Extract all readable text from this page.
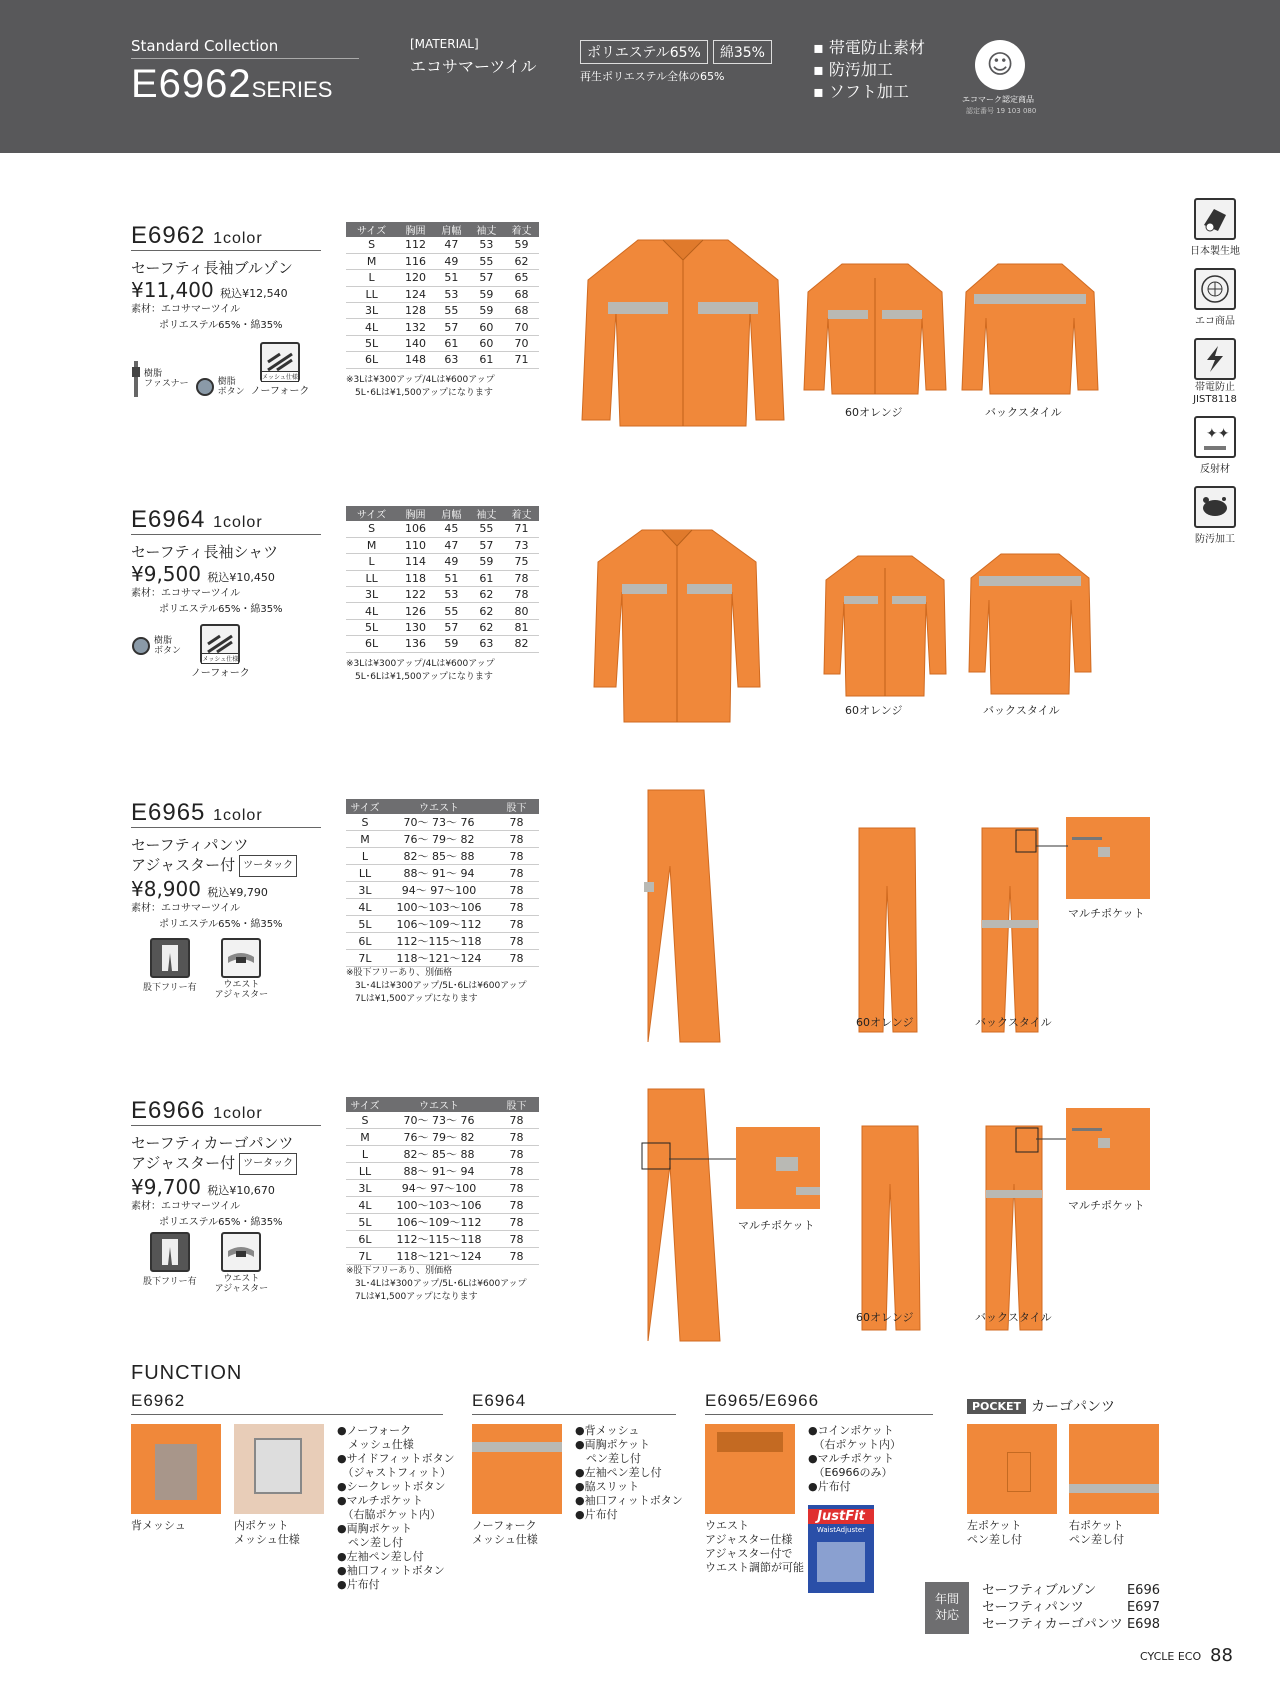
Standard Collection
E6962SERIES
[MATERIAL]
エコサマーツイル
ポリエステル65% 綿35%
再生ポリエステル全体の65%
▪ 帯電防止素材
▪ 防汚加工
▪ ソフト加工
☺
エコマーク認定商品
認定番号 19 103 080
日本製生地
エコ商品
帯電防止
JIST8118
✦✦
反射材
防汚加工
E6962 1color
セーフティ長袖ブルゾン
¥11,400 税込¥12,540
素材：エコサマーツイル
ポリエステル65%・綿35%
樹脂
ファスナー	樹脂
ボタン
メッシュ仕様
ノーフォーク
サイズ	胸囲	肩幅	袖丈	着丈
S	112	47	53	59
M	116	49	55	62
L	120	51	57	65
LL	124	53	59	68
3L	128	55	59	68
4L	132	57	60	70
5L	140	61	60	70
6L	148	63	61	71
※3Lは¥300アップ/4Lは¥600アップ
　5L･6Lは¥1,500アップになります
60オレンジ	バックスタイル
E6964 1color
セーフティ長袖シャツ
¥9,500 税込¥10,450
素材：エコサマーツイル
ポリエステル65%・綿35%
樹脂
ボタン
メッシュ仕様
ノーフォーク
サイズ	胸囲	肩幅	袖丈	着丈
S	106	45	55	71
M	110	47	57	73
L	114	49	59	75
LL	118	51	61	78
3L	122	53	62	78
4L	126	55	62	80
5L	130	57	62	81
6L	136	59	63	82
※3Lは¥300アップ/4Lは¥600アップ
　5L･6Lは¥1,500アップになります
60オレンジ	バックスタイル
E6965 1color
セーフティパンツ
アジャスター付 ツータック
¥8,900 税込¥9,790
素材：エコサマーツイル
ポリエステル65%・綿35%
股下フリー有	ウエスト
アジャスター
サイズ	ウエスト	股下
S	70〜 73〜 76	78
M	76〜 79〜 82	78
L	82〜 85〜 88	78
LL	88〜 91〜 94	78
3L	94〜 97〜100	78
4L	100〜103〜106	78
5L	106〜109〜112	78
6L	112〜115〜118	78
7L	118〜121〜124	78
※股下フリーあり、別価格
　3L･4Lは¥300アップ/5L･6Lは¥600アップ
　7Lは¥1,500アップになります
マルチポケット
60オレンジ	バックスタイル
E6966 1color
セーフティカーゴパンツ
アジャスター付 ツータック
¥9,700 税込¥10,670
素材：エコサマーツイル
ポリエステル65%・綿35%
股下フリー有	ウエスト
アジャスター
サイズ	ウエスト	股下
S	70〜 73〜 76	78
M	76〜 79〜 82	78
L	82〜 85〜 88	78
LL	88〜 91〜 94	78
3L	94〜 97〜100	78
4L	100〜103〜106	78
5L	106〜109〜112	78
6L	112〜115〜118	78
7L	118〜121〜124	78
※股下フリーあり、別価格
　3L･4Lは¥300アップ/5L･6Lは¥600アップ
　7Lは¥1,500アップになります
マルチポケット
マルチポケット
60オレンジ	バックスタイル
FUNCTION
E6962
背メッシュ	内ポケット
メッシュ仕様
●ノーフォーク
　メッシュ仕様
●サイドフィットボタン
　（ジャストフィット）
●シークレットボタン
●マルチポケット
　（右脇ポケット内）
●両胸ポケット
　ペン差し付
●左袖ペン差し付
●袖口フィットボタン
●片布付
E6964
ノーフォーク
メッシュ仕様
●背メッシュ
●両胸ポケット
　ペン差し付
●左袖ペン差し付
●脇スリット
●袖口フィットボタン
●片布付
E6965/E6966
ウエスト
アジャスター仕様
アジャスター付で
ウエスト調節が可能
●コインポケット
　（右ポケット内）
●マルチポケット
　（E6966のみ）
●片布付
JustFit
WaistAdjuster
POCKET カーゴパンツ
左ポケット
ペン差し付
右ポケット
ペン差し付
年間
対応
セーフティブルゾン E696
セーフティパンツ	E697
セーフティカーゴパンツ E698
CYCLE ECO 88
